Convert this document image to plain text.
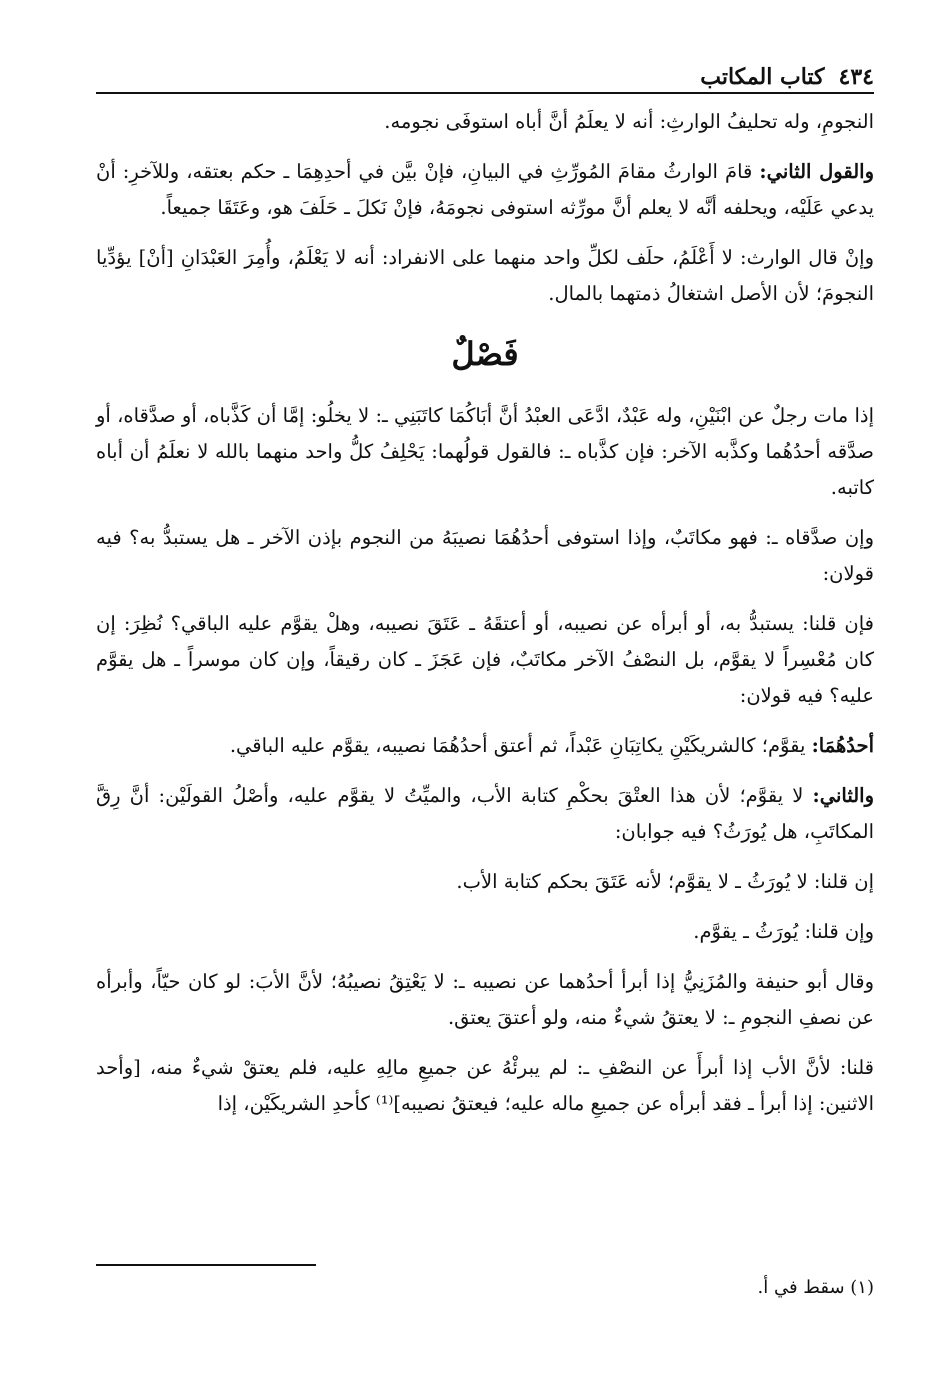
٤٣٤
كتاب المكاتب

النجومِ، وله تحليفُ الوارثِ: أنه لا يعلَمُ أنَّ أباه استوفَى نجومه.

والقول الثاني: قامَ الوارثُ مقامَ المُورِّثِ في البيانِ، فإنْ بيَّن في أحدِهِمَا ـ حكم بعتقه، وللآخرِ: أنْ يدعي عَلَيْه، ويحلفه أنَّه لا يعلم أنَّ مورِّثه استوفى نجومَهُ، فإنْ نَكلَ ـ حَلَفَ هو، وعَتَقَا جميعاً.

وإنْ قال الوارث: لا أَعْلَمُ، حلَف لكلِّ واحد منهما على الانفراد: أنه لا يَعْلَمُ، وأُمِرَ العَبْدَانِ [أنْ] يؤدِّيا النجومَ؛ لأن الأصل اشتغالُ ذمتهما بالمال.

فَصْلٌ

إذا مات رجلٌ عن ابْنَيْنِ، وله عَبْدٌ، ادَّعَى العبْدُ أنَّ أبَاكُمَا كاتَبَنِي ـ: لا يخلُو: إمَّا أن كَذَّباه، أو صدَّقاه، أو صدَّقه أحدُهُما وكذَّبه الآخر: فإن كذَّباه ـ: فالقول قولُهما: يَحْلِفُ كلُّ واحد منهما بالله لا نعلَمُ أن أباه كاتبه.

وإن صدَّقاه ـ: فهو مكاتَبٌ، وإذا استوفى أحدُهُمَا نصيبَهُ من النجوم بإذن الآخر ـ هل يستبدُّ به؟ فيه قولان:

فإن قلنا: يستبدُّ به، أو أبرأه عن نصيبه، أو أعتقَهُ ـ عَتَقَ نصيبه، وهلْ يقوَّم عليه الباقي؟ نُظِرَ: إن كان مُعْسِراً لا يقوَّم، بل النصْفُ الآخر مكاتَبٌ، فإن عَجَزَ ـ كان رقيقاً، وإن كان موسراً ـ هل يقوَّم عليه؟ فيه قولان:

أحدُهُمَا: يقوَّم؛ كالشريكَيْنِ يكاتِبَانِ عَبْداً، ثم أعتق أحدُهُمَا نصيبه، يقوَّم عليه الباقي.

والثاني: لا يقوَّم؛ لأن هذا العتْقَ بحكْمِ كتابة الأب، والميِّتُ لا يقوَّم عليه، وأصْلُ القولَيْن: أنَّ رِقَّ المكاتَبِ، هل يُورَثُ؟ فيه جوابان:

إن قلنا: لا يُورَثُ ـ لا يقوَّم؛ لأنه عَتَقَ بحكم كتابة الأب.

وإن قلنا: يُورَثُ ـ يقوَّم.

وقال أبو حنيفة والمُزَنِيُّ إذا أبرأ أحدُهما عن نصيبه ـ: لا يَعْتِقُ نصيبُهُ؛ لأنَّ الأبَ: لو كان حيّاً، وأبرأه عن نصفِ النجومِ ـ: لا يعتقُ شيءٌ منه، ولو أعتقَ يعتق.

قلنا: لأنَّ الأب إذا أبرأَ عن النصْفِ ـ: لم يبرئْهُ عن جميعِ مالِهِ عليه، فلم يعتقْ شيءٌ منه، [وأحد الاثنين: إذا أبرأ ـ فقد أبرأه عن جميعِ ماله عليه؛ فيعتقُ نصيبه]⁽¹⁾ كأحدِ الشريكَيْن، إذا

(١) سقط في أ.
